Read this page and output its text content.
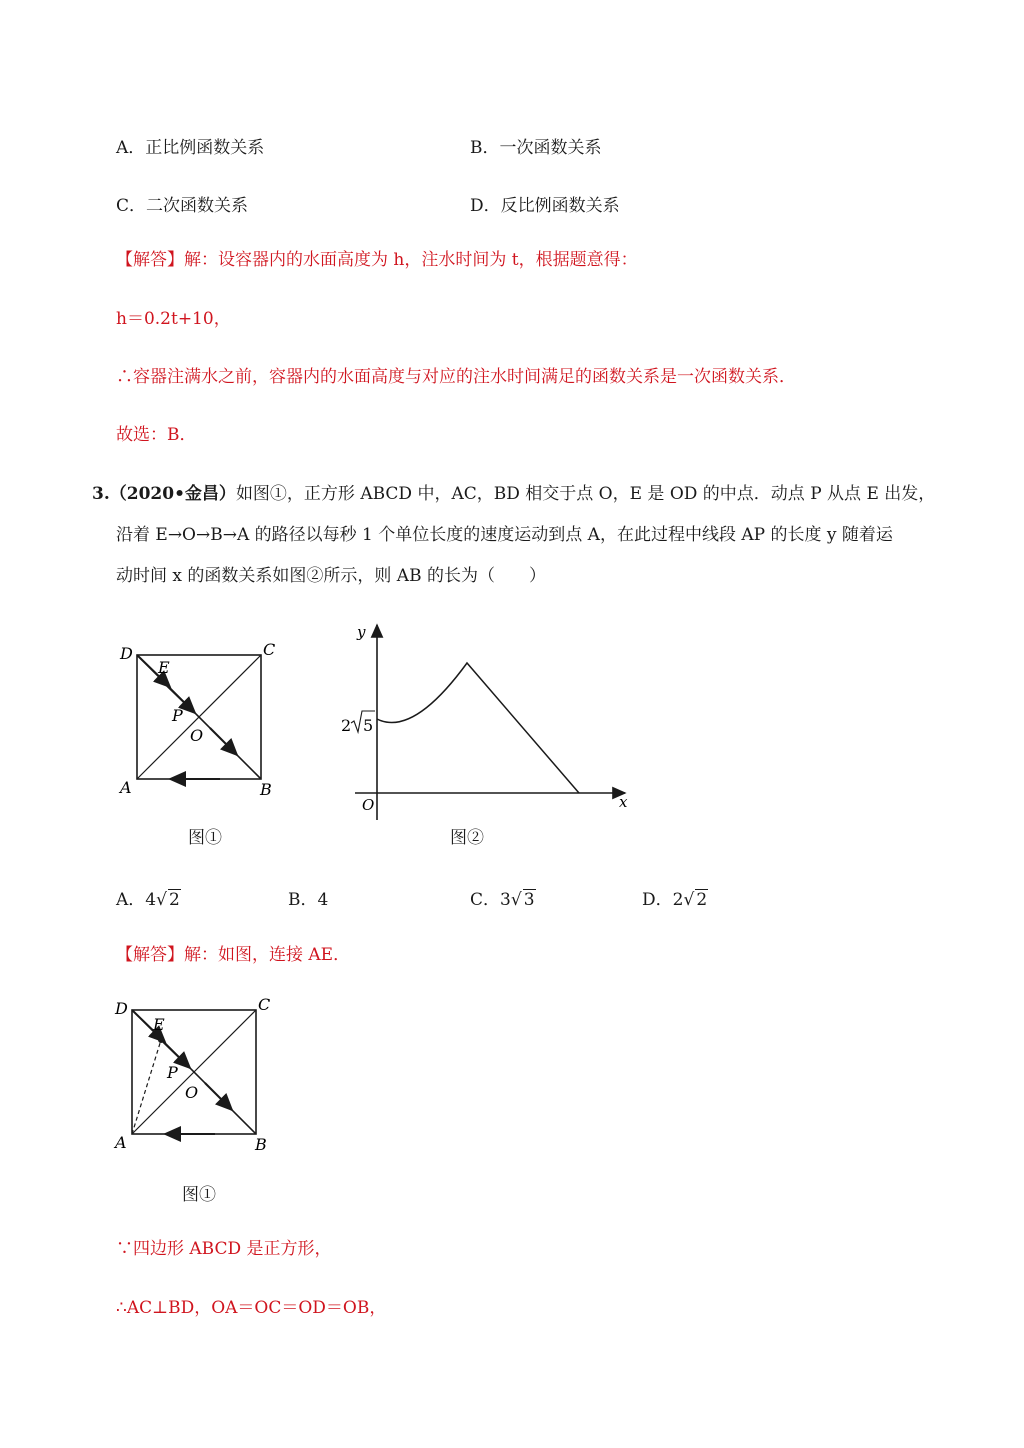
A．正比例函数关系	B．一次函数关系
C．二次函数关系	D．反比例函数关系
【解答】解：设容器内的水面高度为 h，注水时间为 t，根据题意得：
h＝0.2t+10，
∴容器注满水之前，容器内的水面高度与对应的注水时间满足的函数关系是一次函数关系．
故选：B．
3.（2020•金昌）如图①，正方形 ABCD 中，AC，BD 相交于点 O，E 是 OD 的中点．动点 P 从点 E 出发，
沿着 E→O→B→A 的路径以每秒 1 个单位长度的速度运动到点 A，在此过程中线段 AP 的长度 y 随着运
动时间 x 的函数关系如图②所示，则 AB 的长为（　　）
D	C
A	B
E
P
O
图①
y
x
O
2 5
图②
A．4√ 2	B．4	C．3√ 3	D．2√ 2
【解答】解：如图，连接 AE．
D	C
A	B
E
P
O
图①
∵四边形 ABCD 是正方形，
∴AC⊥BD，OA＝OC＝OD＝OB，
